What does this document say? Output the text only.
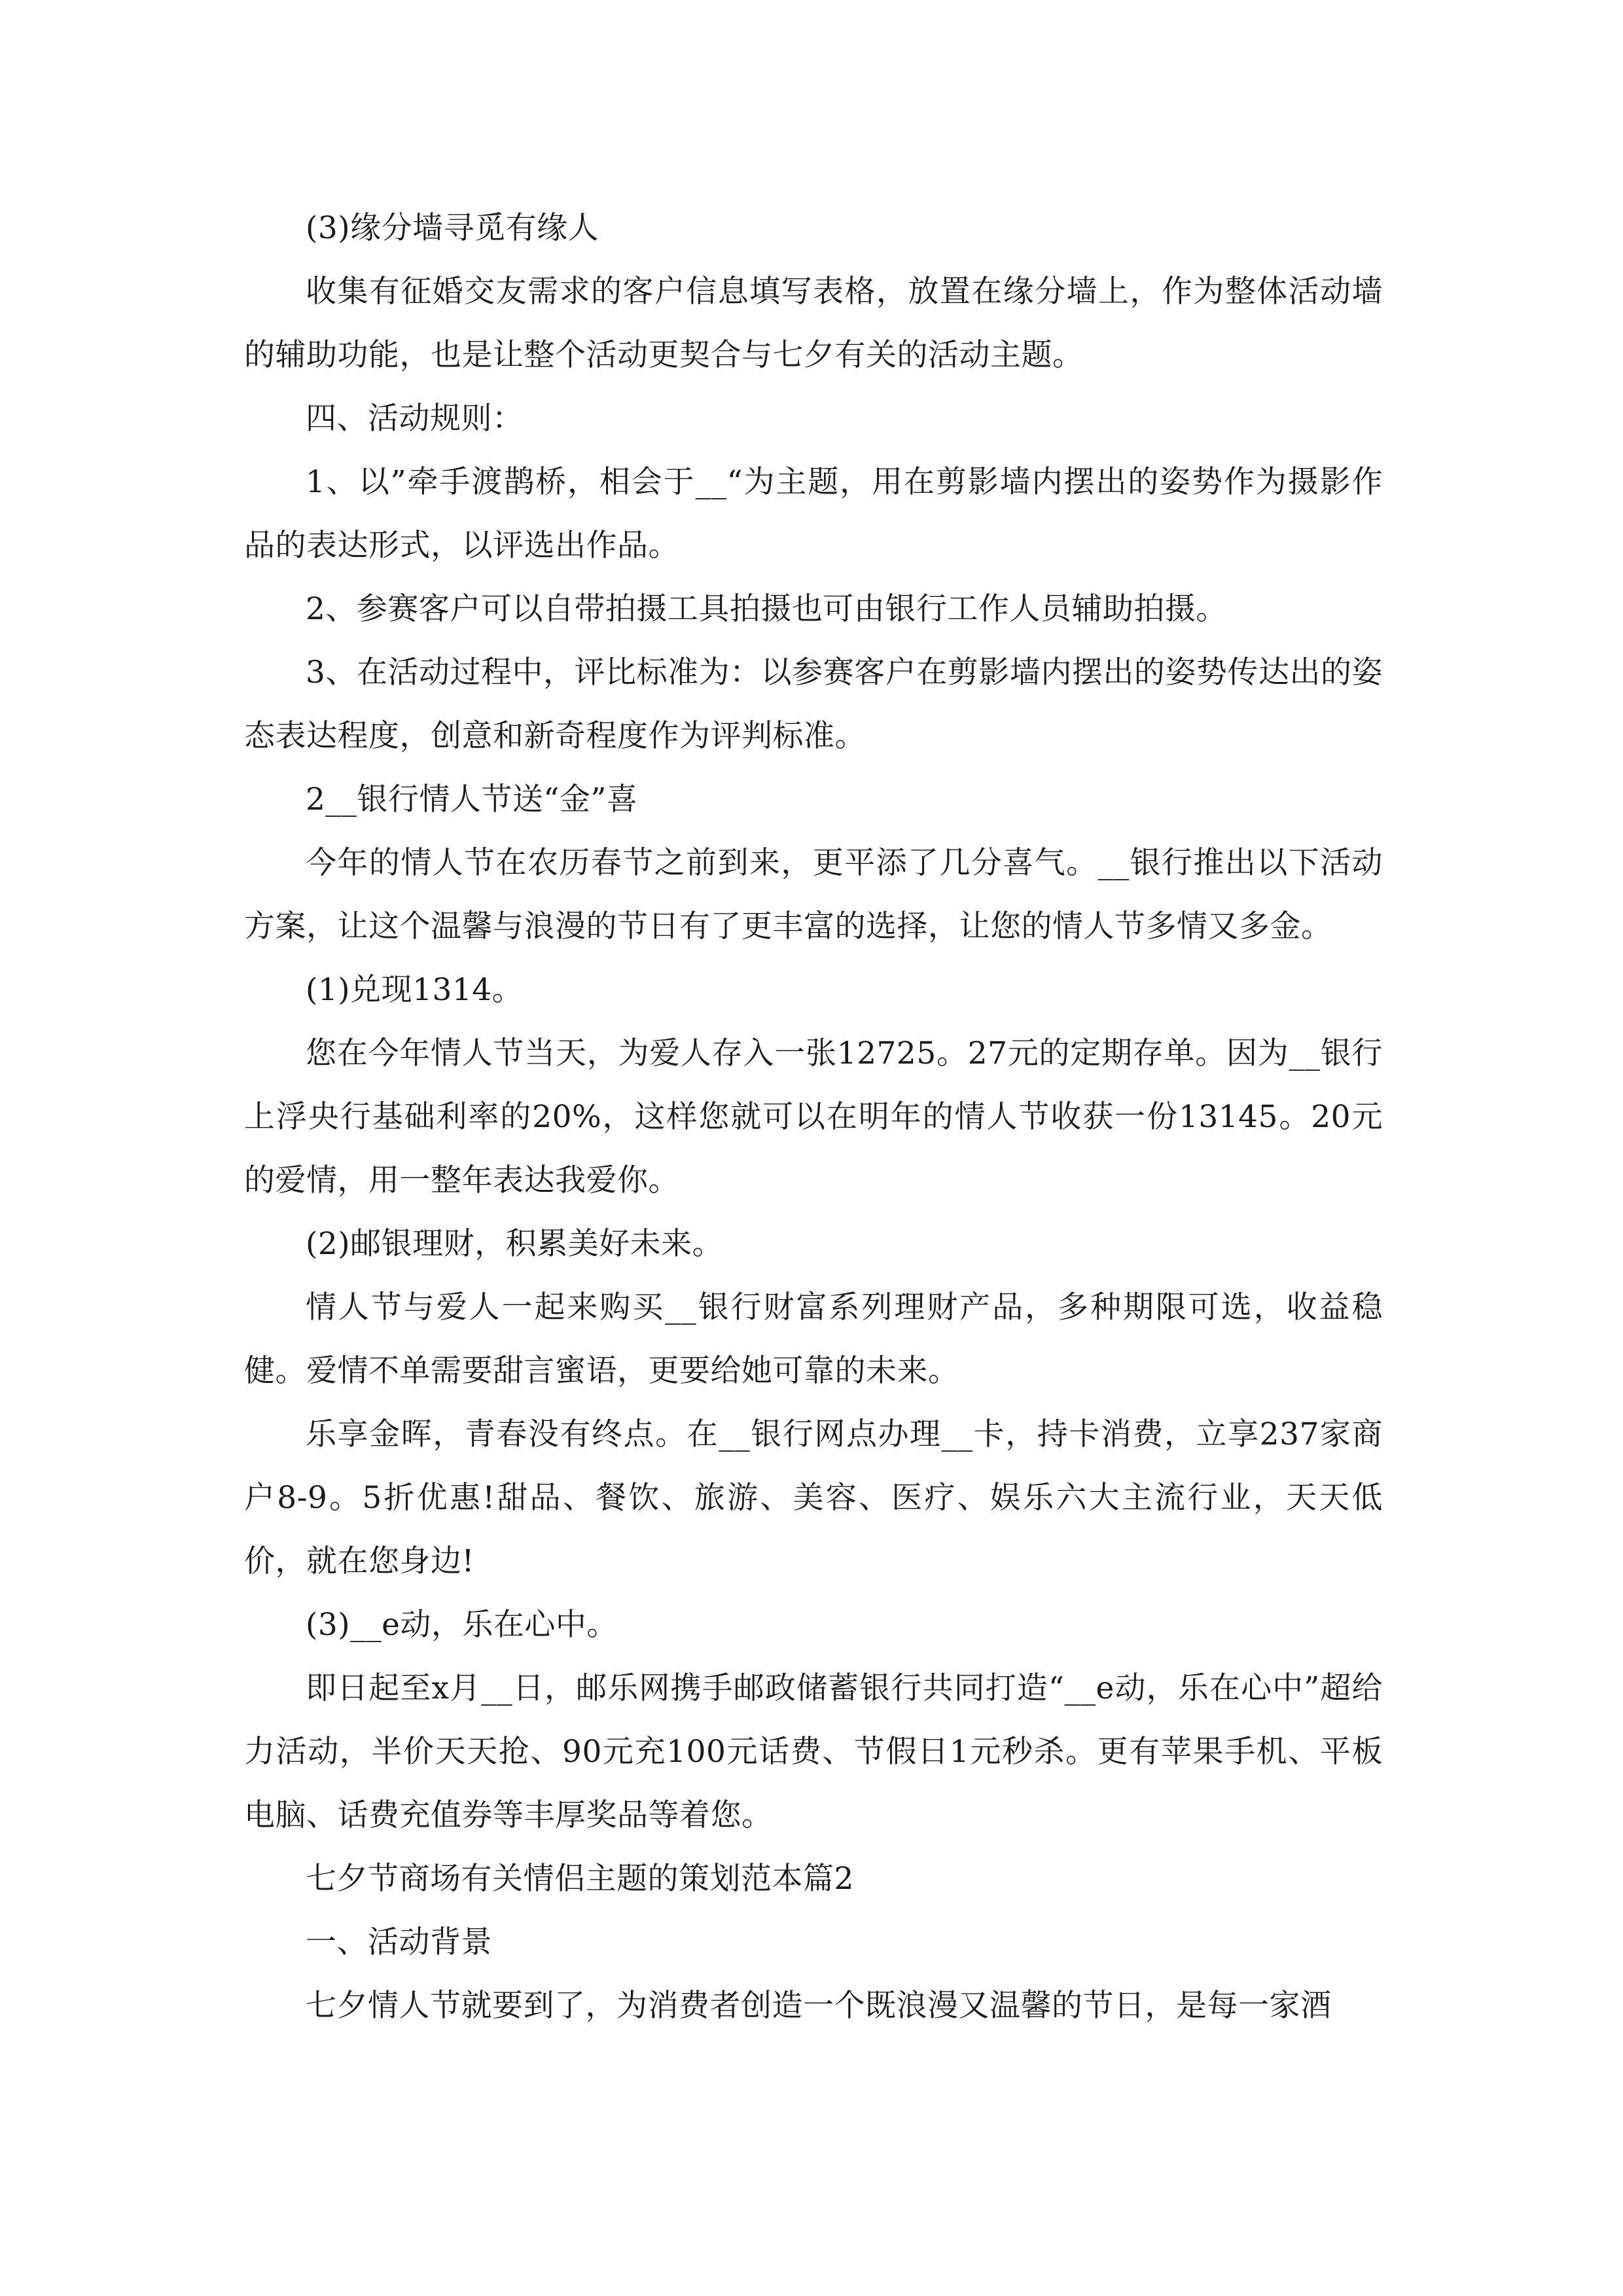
(3)缘分墙寻觅有缘人

收集有征婚交友需求的客户信息填写表格，放置在缘分墙上，作为整体活动墙的辅助功能，也是让整个活动更契合与七夕有关的活动主题。

四、活动规则：

1、以”牵手渡鹊桥，相会于__“为主题，用在剪影墙内摆出的姿势作为摄影作品的表达形式，以评选出作品。

2、参赛客户可以自带拍摄工具拍摄也可由银行工作人员辅助拍摄。

3、在活动过程中，评比标准为：以参赛客户在剪影墙内摆出的姿势传达出的姿态表达程度，创意和新奇程度作为评判标准。

2__银行情人节送“金”喜

今年的情人节在农历春节之前到来，更平添了几分喜气。__银行推出以下活动方案，让这个温馨与浪漫的节日有了更丰富的选择，让您的情人节多情又多金。

(1)兑现1314。

您在今年情人节当天，为爱人存入一张12725。27元的定期存单。因为__银行上浮央行基础利率的20%，这样您就可以在明年的情人节收获一份13145。20元的爱情，用一整年表达我爱你。

(2)邮银理财，积累美好未来。

情人节与爱人一起来购买__银行财富系列理财产品，多种期限可选，收益稳健。爱情不单需要甜言蜜语，更要给她可靠的未来。

乐享金晖，青春没有终点。在__银行网点办理__卡，持卡消费，立享237家商户8-9。5折优惠!甜品、餐饮、旅游、美容、医疗、娱乐六大主流行业，天天低价，就在您身边!

(3)__e动，乐在心中。

即日起至x月__日，邮乐网携手邮政储蓄银行共同打造“__e动，乐在心中”超给力活动，半价天天抢、90元充100元话费、节假日1元秒杀。更有苹果手机、平板电脑、话费充值券等丰厚奖品等着您。

七夕节商场有关情侣主题的策划范本篇2

一、活动背景

七夕情人节就要到了，为消费者创造一个既浪漫又温馨的节日，是每一家酒
